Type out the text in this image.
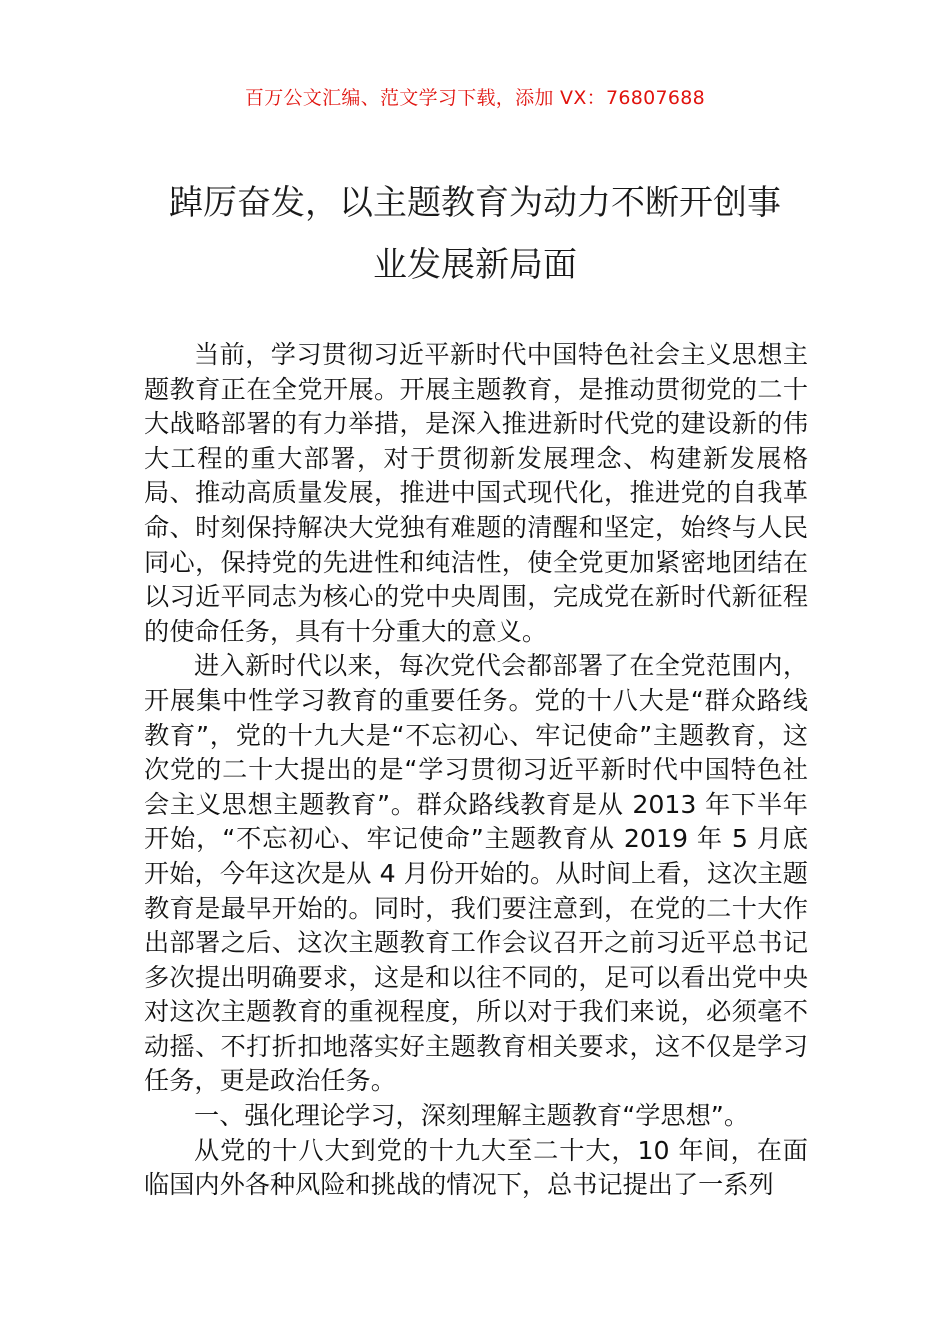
百万公文汇编、范文学习下载，添加 VX：76807688
踔厉奋发，以主题教育为动力不断开创事
业发展新局面

当前，学习贯彻习近平新时代中国特色社会主义思想主题教育正在全党开展。开展主题教育，是推动贯彻党的二十大战略部署的有力举措，是深入推进新时代党的建设新的伟大工程的重大部署，对于贯彻新发展理念、构建新发展格局、推动高质量发展，推进中国式现代化，推进党的自我革命、时刻保持解决大党独有难题的清醒和坚定，始终与人民同心，保持党的先进性和纯洁性，使全党更加紧密地团结在以习近平同志为核心的党中央周围，完成党在新时代新征程的使命任务，具有十分重大的意义。

进入新时代以来，每次党代会都部署了在全党范围内，开展集中性学习教育的重要任务。党的十八大是“群众路线教育”，党的十九大是“不忘初心、牢记使命”主题教育，这次党的二十大提出的是“学习贯彻习近平新时代中国特色社会主义思想主题教育”。群众路线教育是从 2013 年下半年开始，“不忘初心、牢记使命”主题教育从 2019 年 5 月底开始，今年这次是从 4 月份开始的。从时间上看，这次主题教育是最早开始的。同时，我们要注意到，在党的二十大作出部署之后、这次主题教育工作会议召开之前习近平总书记多次提出明确要求，这是和以往不同的，足可以看出党中央对这次主题教育的重视程度，所以对于我们来说，必须毫不动摇、不打折扣地落实好主题教育相关要求，这不仅是学习任务，更是政治任务。

一、强化理论学习，深刻理解主题教育“学思想”。

从党的十八大到党的十九大至二十大，10 年间，在面临国内外各种风险和挑战的情况下，总书记提出了一系列
